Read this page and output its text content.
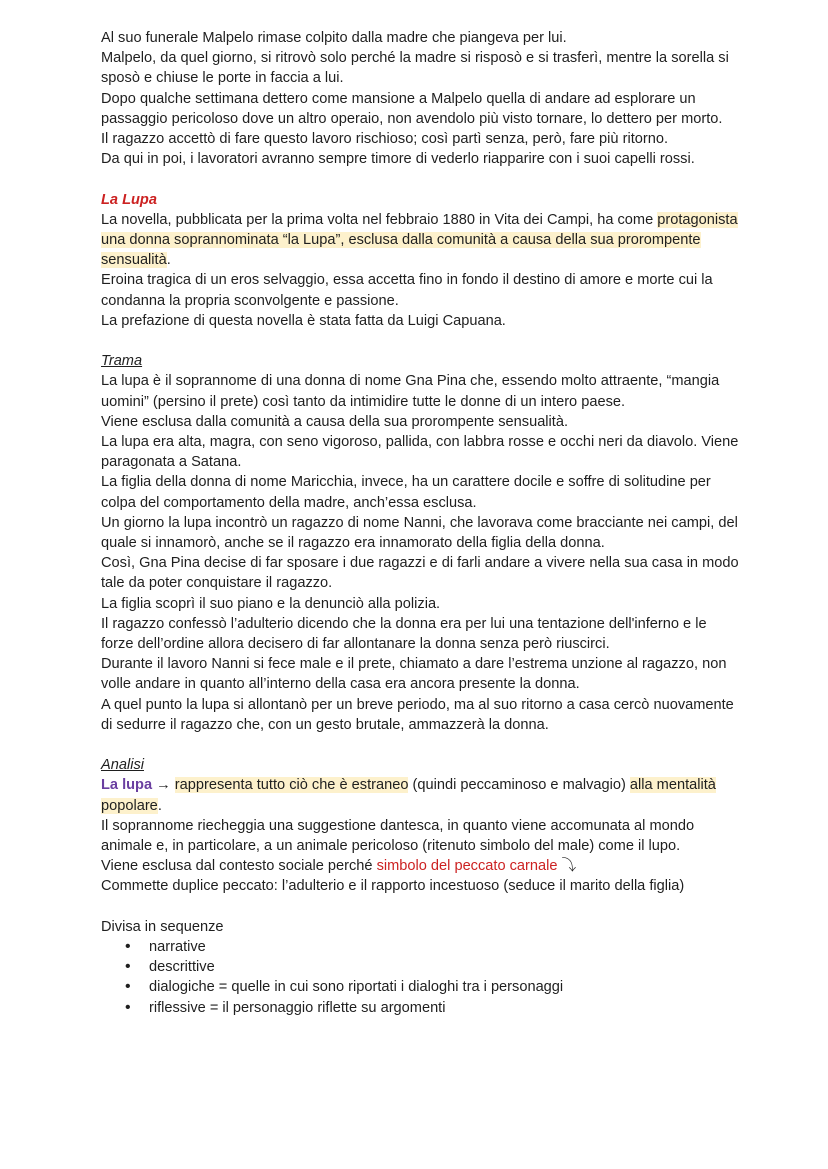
Al suo funerale Malpelo rimase colpito dalla madre che piangeva per lui.

Malpelo, da quel giorno, si ritrovò solo perché la madre si risposò e si trasferì, mentre la sorella si sposò e chiuse le porte in faccia a lui.

Dopo qualche settimana dettero come mansione a Malpelo quella di andare ad esplorare un passaggio pericoloso dove un altro operaio, non avendolo più visto tornare, lo dettero per morto.

Il ragazzo accettò di fare questo lavoro rischioso; così partì senza, però, fare più ritorno.

Da qui in poi, i lavoratori avranno sempre timore di vederlo riapparire con i suoi capelli rossi.

La Lupa

La novella, pubblicata per la prima volta nel febbraio 1880 in Vita dei Campi, ha come protagonista una donna soprannominata “la Lupa”, esclusa dalla comunità a causa della sua prorompente sensualità.

Eroina tragica di un eros selvaggio, essa accetta fino in fondo il destino di amore e morte cui la condanna la propria sconvolgente e passione.

La prefazione di questa novella è stata fatta da Luigi Capuana.

Trama

La lupa è il soprannome di una donna di nome Gna Pina che, essendo molto attraente, “mangia uomini” (persino il prete) così tanto da intimidire tutte le donne di un intero paese.

Viene esclusa dalla comunità a causa della sua prorompente sensualità.

La lupa era alta, magra, con seno vigoroso, pallida, con labbra rosse e occhi neri da diavolo. Viene paragonata a Satana.

La figlia della donna di nome Maricchia, invece, ha un carattere docile e soffre di solitudine per colpa del comportamento della madre, anch’essa esclusa.

Un giorno la lupa incontrò un ragazzo di nome Nanni, che lavorava come bracciante nei campi, del quale si innamorò, anche se il ragazzo era innamorato della figlia della donna.

Così, Gna Pina decise di far sposare i due ragazzi e di farli andare a vivere nella sua casa in modo tale da poter conquistare il ragazzo.

La figlia scoprì il suo piano e la denunciò alla polizia.

Il ragazzo confessò l’adulterio dicendo che la donna era per lui una tentazione dell'inferno e le forze dell’ordine allora decisero di far allontanare la donna senza però riuscirci.

Durante il lavoro Nanni si fece male e il prete, chiamato a dare l’estrema unzione al ragazzo, non volle andare in quanto all’interno della casa era ancora presente la donna.

A quel punto la lupa si allontanò per un breve periodo, ma al suo ritorno a casa cercò nuovamente di sedurre il ragazzo che, con un gesto brutale, ammazzerà la donna.

Analisi

La lupa → rappresenta tutto ciò che è estraneo (quindi peccaminoso e malvagio) alla mentalità popolare.

Il soprannome riecheggia una suggestione dantesca, in quanto viene accomunata al mondo animale e, in particolare, a un animale pericoloso (ritenuto simbolo del male) come il lupo.

Viene esclusa dal contesto sociale perché simbolo del peccato carnale ⤵

Commette duplice peccato: l’adulterio e il rapporto incestuoso (seduce il marito della figlia)

Divisa in sequenze

• narrative
• descrittive
• dialogiche = quelle in cui sono riportati i dialoghi tra i personaggi
• riflessive = il personaggio riflette su argomenti
